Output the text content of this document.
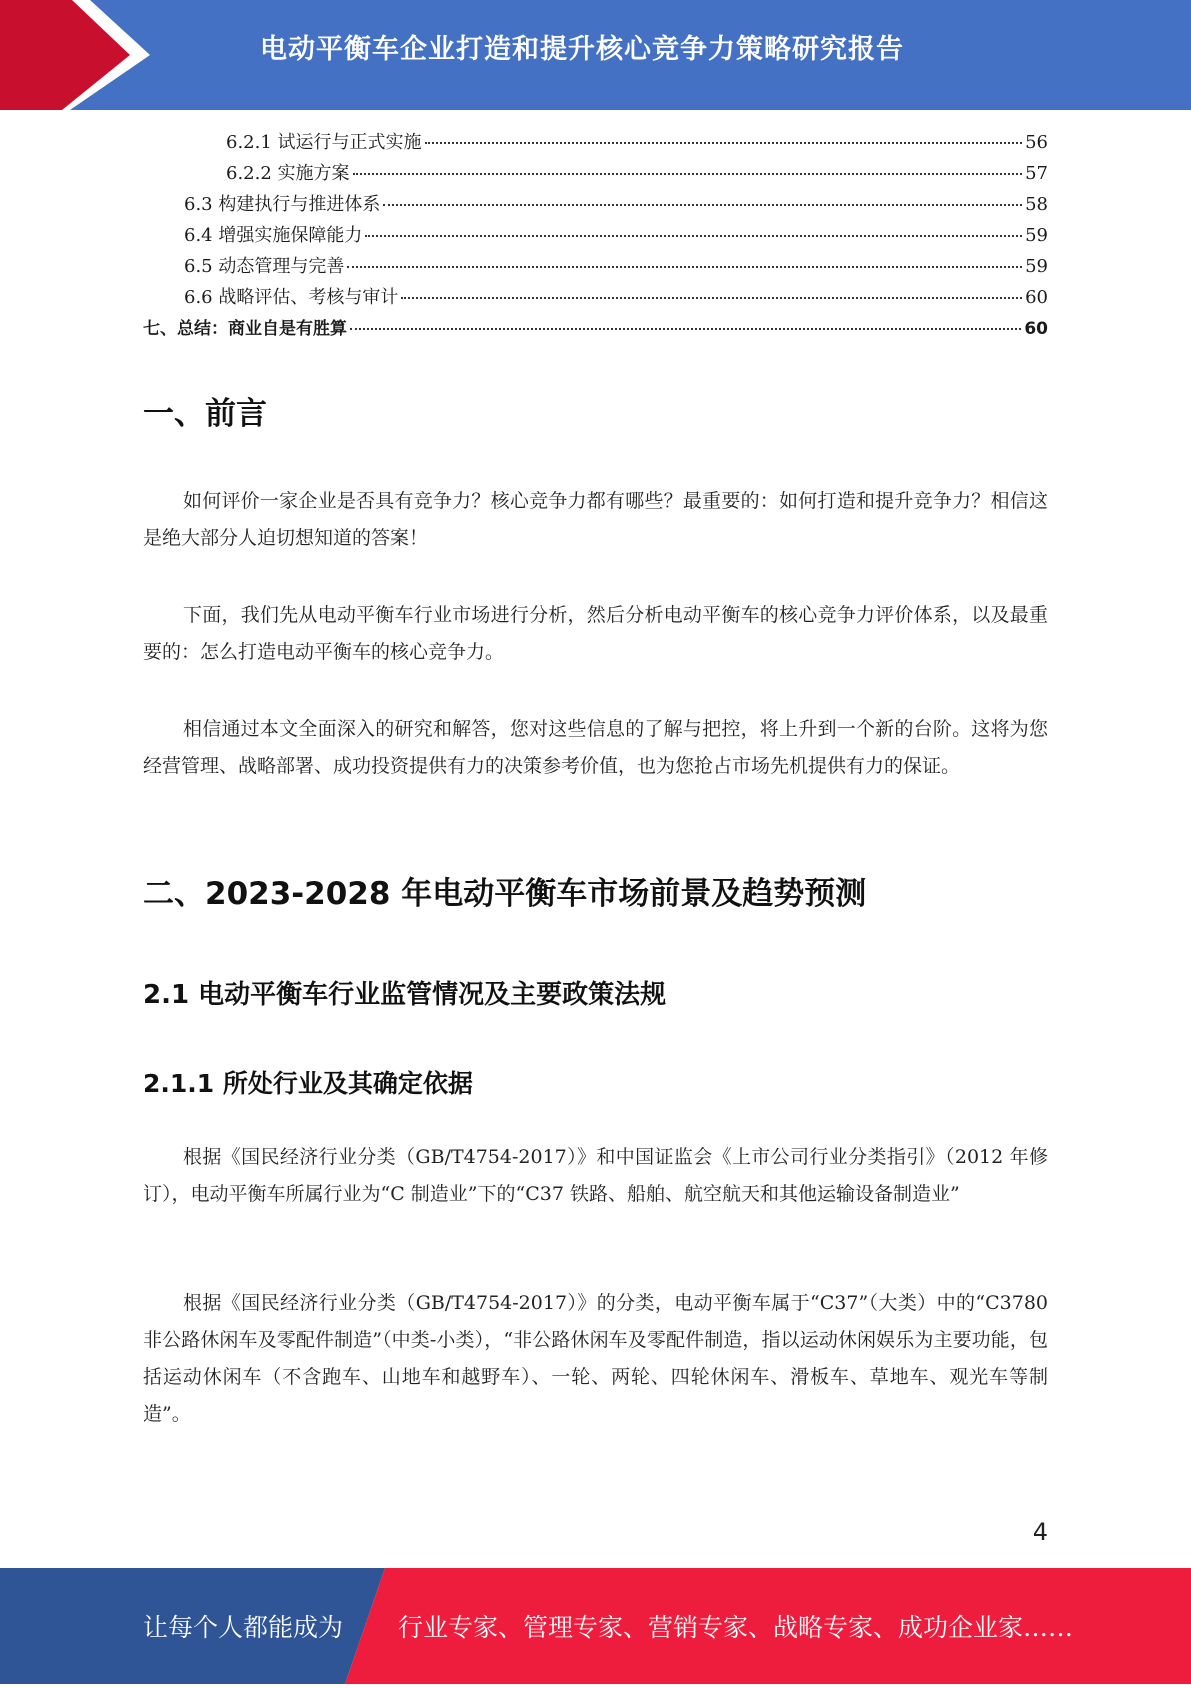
电动平衡车企业打造和提升核心竞争力策略研究报告
6.2.1 试运行与正式实施	56
6.2.2 实施方案	57
6.3 构建执行与推进体系	58
6.4 增强实施保障能力	59
6.5 动态管理与完善	59
6.6 战略评估、考核与审计	60
七、总结：商业自是有胜算	60
一、前言
如何评价一家企业是否具有竞争力？核心竞争力都有哪些？最重要的：如何打造和提升竞争力？相信这是绝大部分人迫切想知道的答案！
下面，我们先从电动平衡车行业市场进行分析，然后分析电动平衡车的核心竞争力评价体系，以及最重要的：怎么打造电动平衡车的核心竞争力。
相信通过本文全面深入的研究和解答，您对这些信息的了解与把控，将上升到一个新的台阶。这将为您经营管理、战略部署、成功投资提供有力的决策参考价值，也为您抢占市场先机提供有力的保证。
二、2023-2028 年电动平衡车市场前景及趋势预测
2.1 电动平衡车行业监管情况及主要政策法规
2.1.1 所处行业及其确定依据
根据《国民经济行业分类（GB/T4754-2017）》和中国证监会《上市公司行业分类指引》（2012 年修订），电动平衡车所属行业为“C 制造业”下的“C37 铁路、船舶、航空航天和其他运输设备制造业”
根据《国民经济行业分类（GB/T4754-2017）》的分类，电动平衡车属于“C37”（大类）中的“C3780 非公路休闲车及零配件制造”（中类-小类），“非公路休闲车及零配件制造，指以运动休闲娱乐为主要功能，包括运动休闲车（不含跑车、山地车和越野车）、一轮、两轮、四轮休闲车、滑板车、草地车、观光车等制造”。
4
让每个人都能成为 行业专家、管理专家、营销专家、战略专家、成功企业家……
